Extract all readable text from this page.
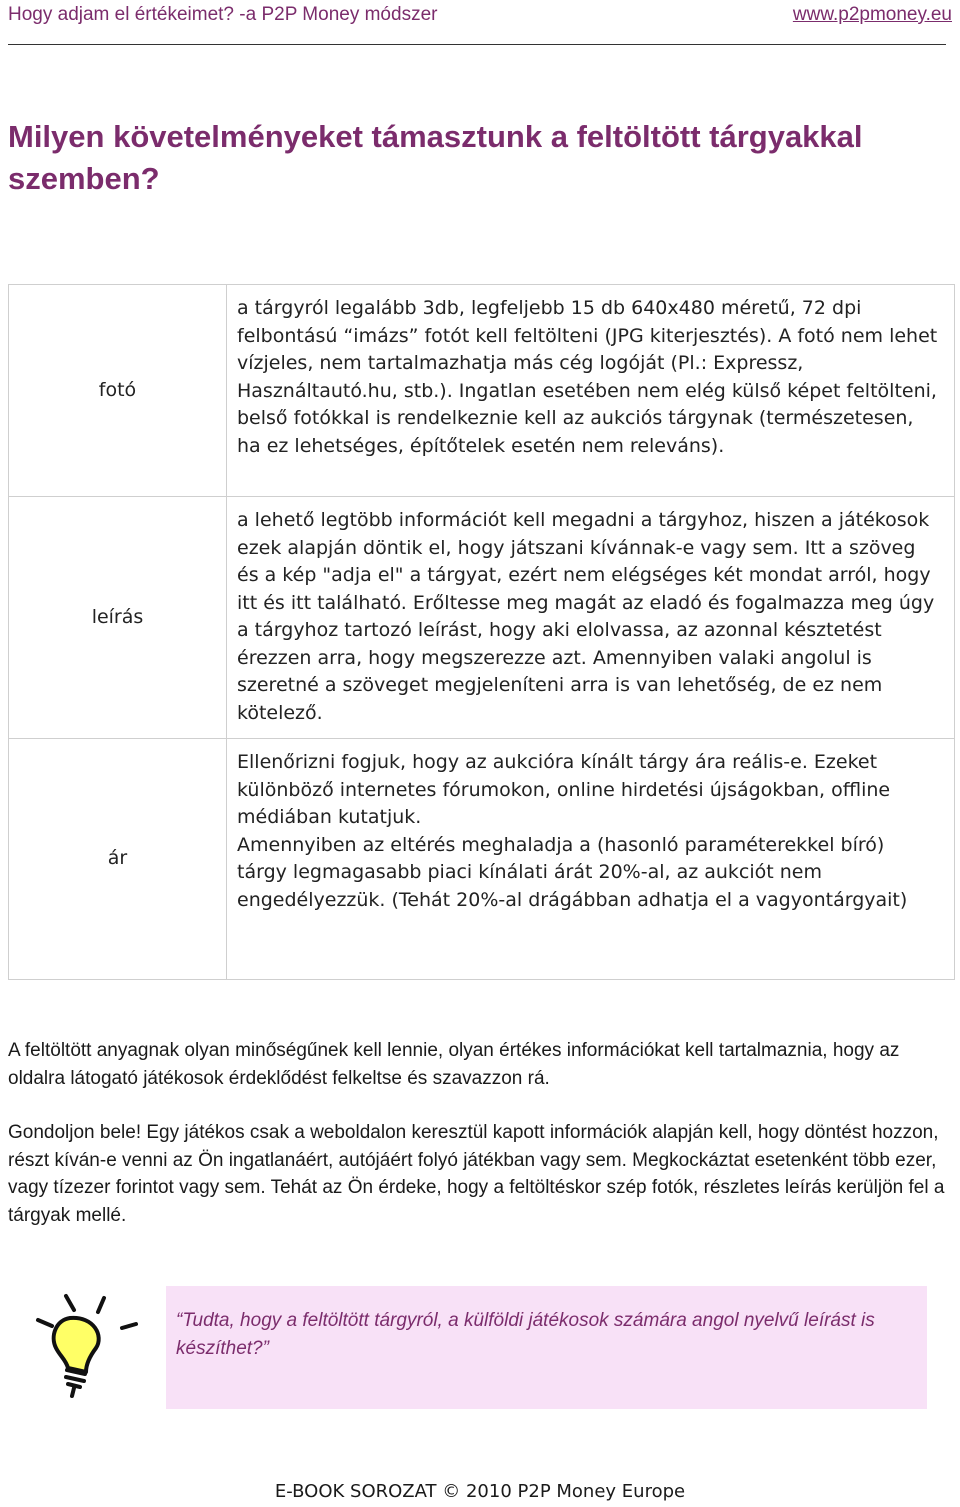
Hogy adjam el értékeimet? -a P2P Money módszer	www.p2pmoney.eu
Milyen követelményeket támasztunk a feltöltött tárgyakkal szemben?
fotó	a tárgyról legalább 3db, legfeljebb 15 db 640x480 méretű, 72 dpi felbontású “imázs” fotót kell feltölteni (JPG kiterjesztés). A fotó nem lehet vízjeles, nem tartalmazhatja más cég logóját (Pl.: Expressz, Használtautó.hu, stb.). Ingatlan esetében nem elég külső képet feltölteni, belső fotókkal is rendelkeznie kell az aukciós tárgynak (természetesen, ha ez lehetséges, építőtelek esetén nem releváns).
leírás	a lehető legtöbb információt kell megadni a tárgyhoz, hiszen a játékosok ezek alapján döntik el, hogy játszani kívánnak-e vagy sem. Itt a szöveg és a kép "adja el" a tárgyat, ezért nem elégséges két mondat arról, hogy itt és itt található. Erőltesse meg magát az eladó és fogalmazza meg úgy a tárgyhoz tartozó leírást, hogy aki elolvassa, az azonnal késztetést érezzen arra, hogy megszerezze azt. Amennyiben valaki angolul is szeretné a szöveget megjeleníteni arra is van lehetőség, de ez nem kötelező.
ár	Ellenőrizni fogjuk, hogy az aukcióra kínált tárgy ára reális-e. Ezeket különböző internetes fórumokon, online hirdetési újságokban, offline médiában kutatjuk.
Amennyiben az eltérés meghaladja a (hasonló paraméterekkel bíró) tárgy legmagasabb piaci kínálati árát 20%-al, az aukciót nem engedélyezzük. (Tehát 20%-al drágábban adhatja el a vagyontárgyait)
A feltöltött anyagnak olyan minőségűnek kell lennie, olyan értékes információkat kell tartalmaznia, hogy az oldalra látogató játékosok érdeklődést felkeltse és szavazzon rá.
Gondoljon bele! Egy játékos csak a weboldalon keresztül kapott információk alapján kell, hogy döntést hozzon, részt kíván-e venni az Ön ingatlanáért, autójáért folyó játékban vagy sem. Megkockáztat esetenként több ezer, vagy tízezer forintot vagy sem. Tehát az Ön érdeke, hogy a feltöltéskor szép fotók, részletes leírás kerüljön fel a tárgyak mellé.
“Tudta, hogy a feltöltött tárgyról, a külföldi játékosok számára angol nyelvű leírást is készíthet?”
E-BOOK SOROZAT © 2010 P2P Money Europe
